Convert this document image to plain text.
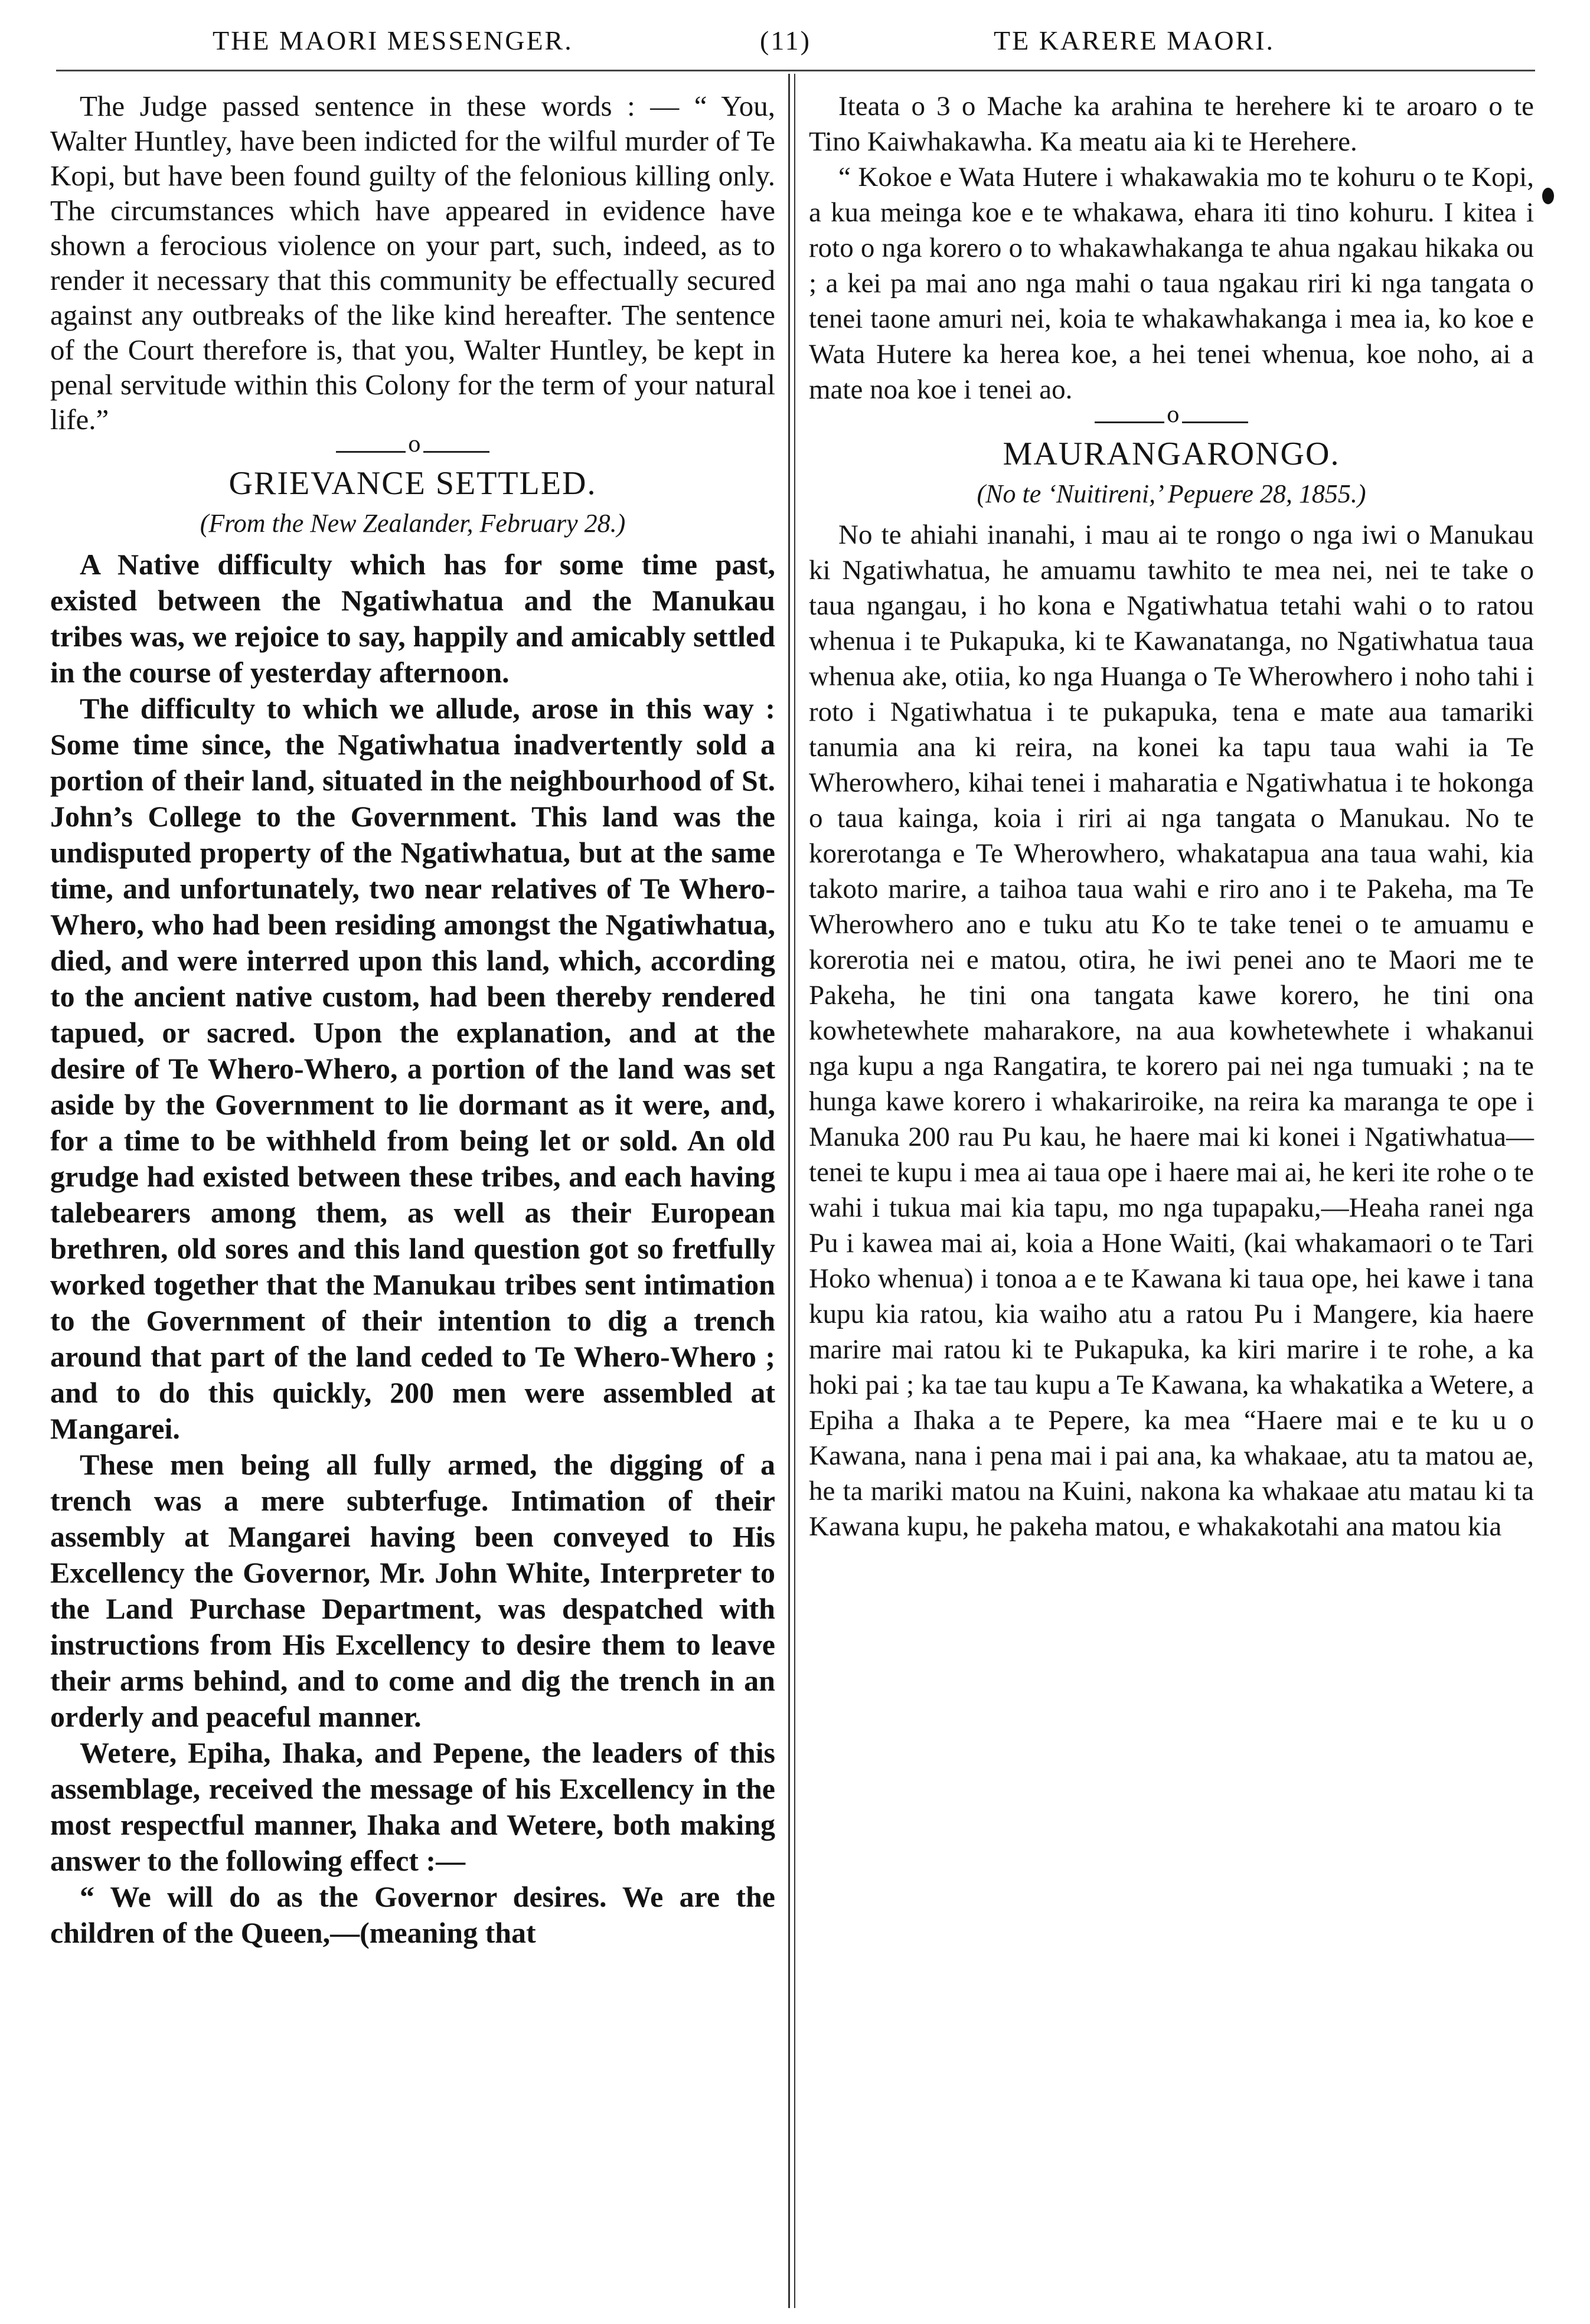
THE MAORI MESSENGER.	(11)	TE KARERE MAORI.

The Judge passed sentence in these words : — “ You, Walter Huntley, have been indicted for the wilful murder of Te Kopi, but have been found guilty of the felonious killing only. The circumstances which have appeared in evidence have shown a ferocious violence on your part, such, indeed, as to render it necessary that this community be effectually secured against any outbreaks of the like kind hereafter. The sentence of the Court therefore is, that you, Walter Huntley, be kept in penal servitude within this Colony for the term of your natural life.”

o
GRIEVANCE SETTLED.
(From the New Zealander, February 28.)

A Native difficulty which has for some time past, existed between the Ngatiwhatua and the Manukau tribes was, we rejoice to say, happily and amicably settled in the course of yesterday afternoon.

The difficulty to which we allude, arose in this way : Some time since, the Ngatiwhatua inadvertently sold a portion of their land, situated in the neighbourhood of St. John’s College to the Government. This land was the undisputed property of the Ngatiwhatua, but at the same time, and unfortunately, two near relatives of Te Whero-Whero, who had been residing amongst the Ngatiwhatua, died, and were interred upon this land, which, according to the ancient native custom, had been thereby rendered tapued, or sacred. Upon the explanation, and at the desire of Te Whero-Whero, a portion of the land was set aside by the Government to lie dormant as it were, and, for a time to be withheld from being let or sold. An old grudge had existed between these tribes, and each having talebearers among them, as well as their European brethren, old sores and this land question got so fretfully worked together that the Manukau tribes sent intimation to the Government of their intention to dig a trench around that part of the land ceded to Te Whero-Whero ; and to do this quickly, 200 men were assembled at Mangarei.

These men being all fully armed, the digging of a trench was a mere subterfuge. Intimation of their assembly at Mangarei having been conveyed to His Excellency the Governor, Mr. John White, Interpreter to the Land Purchase Department, was despatched with instructions from His Excellency to desire them to leave their arms behind, and to come and dig the trench in an orderly and peaceful manner.

Wetere, Epiha, Ihaka, and Pepene, the leaders of this assemblage, received the message of his Excellency in the most respectful manner, Ihaka and Wetere, both making answer to the following effect :—

“ We will do as the Governor desires. We are the children of the Queen,—(meaning that

Iteata o 3 o Mache ka arahina te herehere ki te aroaro o te Tino Kaiwhakawha. Ka meatu aia ki te Herehere.

“ Kokoe e Wata Hutere i whakawakia mo te kohuru o te Kopi, a kua meinga koe e te whakawa, ehara iti tino kohuru. I kitea i roto o nga korero o to whakawhakanga te ahua ngakau hikaka ou ; a kei pa mai ano nga mahi o taua ngakau riri ki nga tangata o tenei taone amuri nei, koia te whakawhakanga i mea ia, ko koe e Wata Hutere ka herea koe, a hei tenei whenua, koe noho, ai a mate noa koe i tenei ao.

o
MAURANGARONGO.
(No te ‘Nuitireni,’ Pepuere 28, 1855.)

No te ahiahi inanahi, i mau ai te rongo o nga iwi o Manukau ki Ngatiwhatua, he amuamu tawhito te mea nei, nei te take o taua ngangau, i ho kona e Ngatiwhatua tetahi wahi o to ratou whenua i te Pukapuka, ki te Kawanatanga, no Ngatiwhatua taua whenua ake, otiia, ko nga Huanga o Te Wherowhero i noho tahi i roto i Ngatiwhatua i te pukapuka, tena e mate aua tamariki tanumia ana ki reira, na konei ka tapu taua wahi ia Te Wherowhero, kihai tenei i maharatia e Ngatiwhatua i te hokonga o taua kainga, koia i riri ai nga tangata o Manukau. No te korerotanga e Te Wherowhero, whakatapua ana taua wahi, kia takoto marire, a taihoa taua wahi e riro ano i te Pakeha, ma Te Wherowhero ano e tuku atu Ko te take tenei o te amuamu e korerotia nei e matou, otira, he iwi penei ano te Maori me te Pakeha, he tini ona tangata kawe korero, he tini ona kowhetewhete maharakore, na aua kowhetewhete i whakanui nga kupu a nga Rangatira, te korero pai nei nga tumuaki ; na te hunga kawe korero i whakariroike, na reira ka maranga te ope i Manuka 200 rau Pu kau, he haere mai ki konei i Ngatiwhatua—tenei te kupu i mea ai taua ope i haere mai ai, he keri ite rohe o te wahi i tukua mai kia tapu, mo nga tupapaku,—Heaha ranei nga Pu i kawea mai ai, koia a Hone Waiti, (kai whakamaori o te Tari Hoko whenua) i tonoa a e te Kawana ki taua ope, hei kawe i tana kupu kia ratou, kia waiho atu a ratou Pu i Mangere, kia haere marire mai ratou ki te Pukapuka, ka kiri marire i te rohe, a ka hoki pai ; ka tae tau kupu a Te Kawana, ka whakatika a Wetere, a Epiha a Ihaka a te Pepere, ka mea “Haere mai e te ku u o Kawana, nana i pena mai i pai ana, ka whakaae, atu ta matou ae, he ta mariki matou na Kuini, nakona ka whakaae atu matau ki ta Kawana kupu, he pakeha matou, e whakakotahi ana matou kia
